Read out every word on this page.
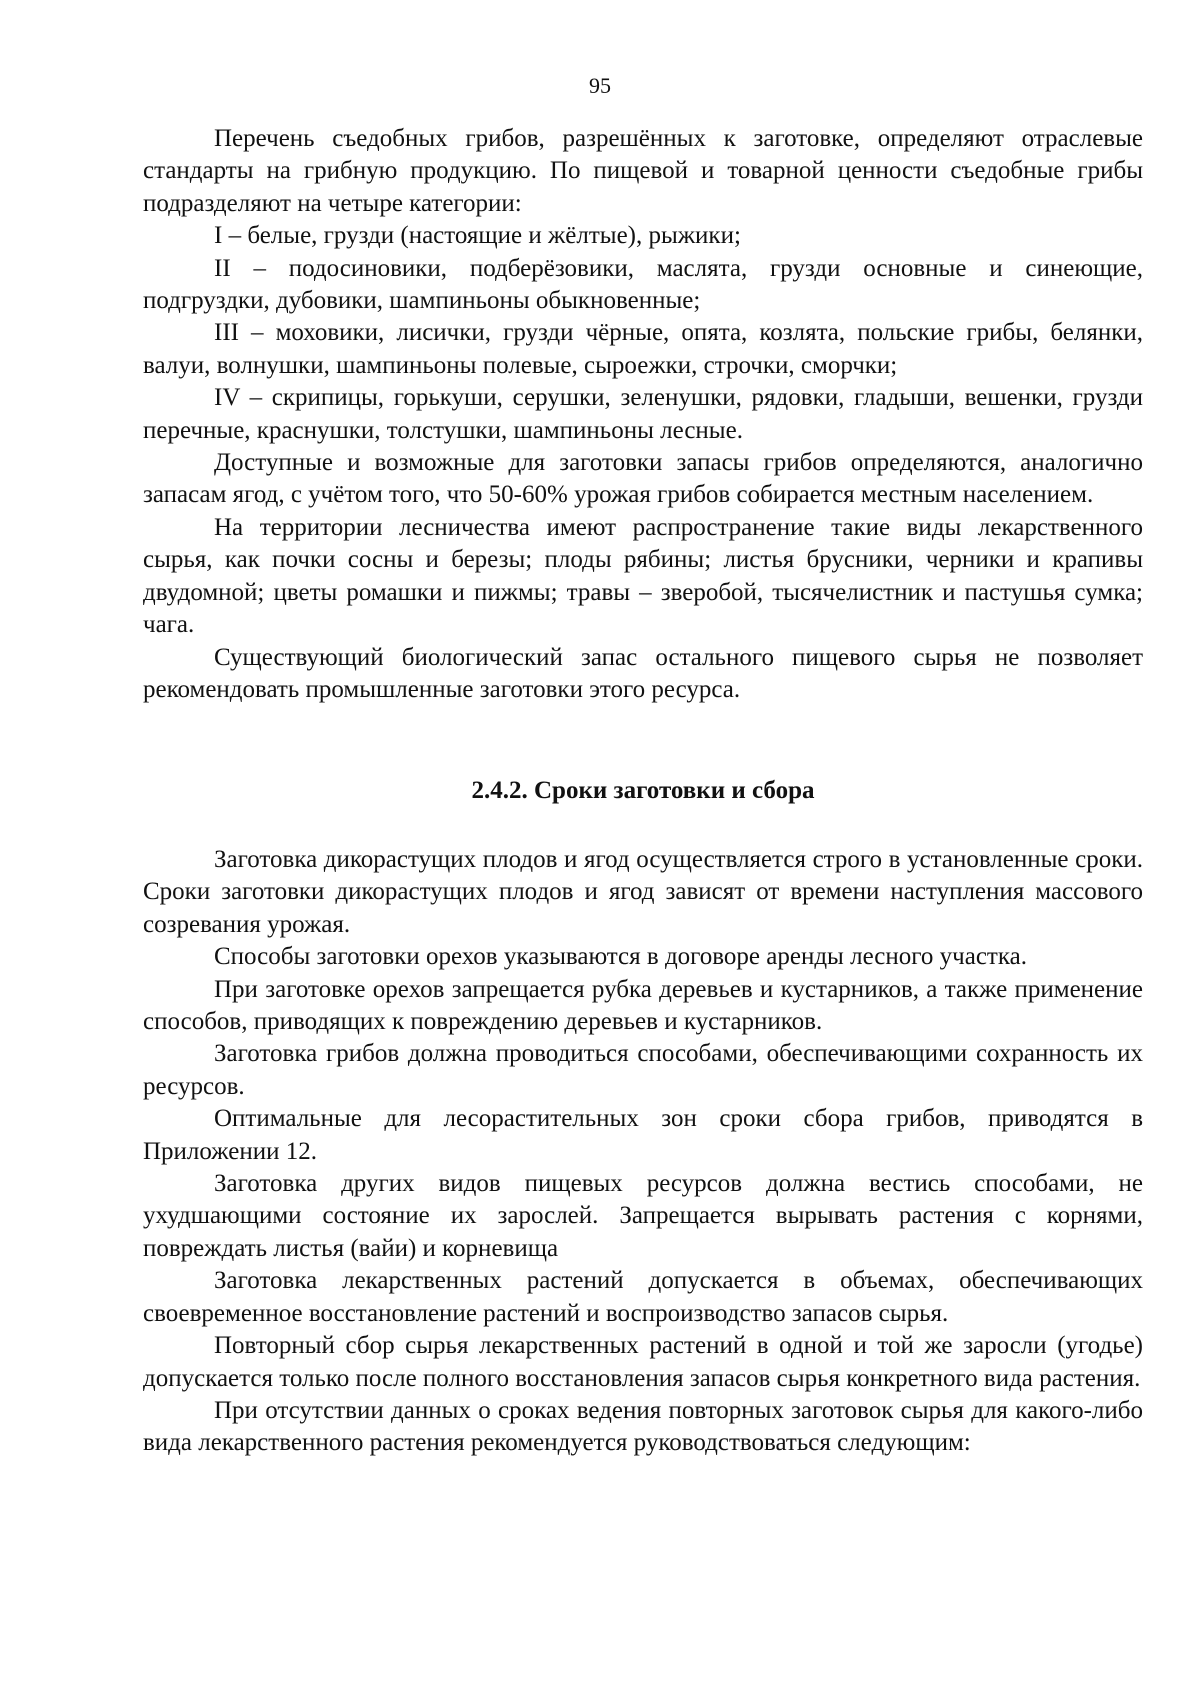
95

Перечень съедобных грибов, разрешённых к заготовке, определяют отраслевые стандарты на грибную продукцию. По пищевой и товарной ценности съедобные грибы подразделяют на четыре категории:

I – белые, грузди (настоящие и жёлтые), рыжики;

II – подосиновики, подберёзовики, маслята, грузди основные и синеющие, подгруздки, дубовики, шампиньоны обыкновенные;

III – моховики, лисички, грузди чёрные, опята, козлята, польские грибы, белянки, валуи, волнушки, шампиньоны полевые, сыроежки, строчки, сморчки;

IV – скрипицы, горькуши, серушки, зеленушки, рядовки, гладыши, вешенки, грузди перечные, краснушки, толстушки, шампиньоны лесные.

Доступные и возможные для заготовки запасы грибов определяются, аналогично запасам ягод, с учётом того, что 50-60% урожая грибов собирается местным населением.

На территории лесничества имеют распространение такие виды лекарственного сырья, как почки сосны и березы; плоды рябины; листья брусники, черники и крапивы двудомной; цветы ромашки и пижмы; травы – зверобой, тысячелистник и пастушья сумка; чага.

Существующий биологический запас остального пищевого сырья не позволяет рекомендовать промышленные заготовки этого ресурса.

2.4.2. Сроки заготовки и сбора

Заготовка дикорастущих плодов и ягод осуществляется строго в установленные сроки. Сроки заготовки дикорастущих плодов и ягод зависят от времени наступления массового созревания урожая.

Способы заготовки орехов указываются в договоре аренды лесного участка.

При заготовке орехов запрещается рубка деревьев и кустарников, а также применение способов, приводящих к повреждению деревьев и кустарников.

Заготовка грибов должна проводиться способами, обеспечивающими сохранность их ресурсов.

Оптимальные для лесорастительных зон сроки сбора грибов, приводятся в Приложении 12.

Заготовка других видов пищевых ресурсов должна вестись способами, не ухудшающими состояние их зарослей. Запрещается вырывать растения с корнями, повреждать листья (вайи) и корневища

Заготовка лекарственных растений допускается в объемах, обеспечивающих своевременное восстановление растений и воспроизводство запасов сырья.

Повторный сбор сырья лекарственных растений в одной и той же заросли (угодье) допускается только после полного восстановления запасов сырья конкретного вида растения.

При отсутствии данных о сроках ведения повторных заготовок сырья для какого-либо вида лекарственного растения рекомендуется руководствоваться следующим:
